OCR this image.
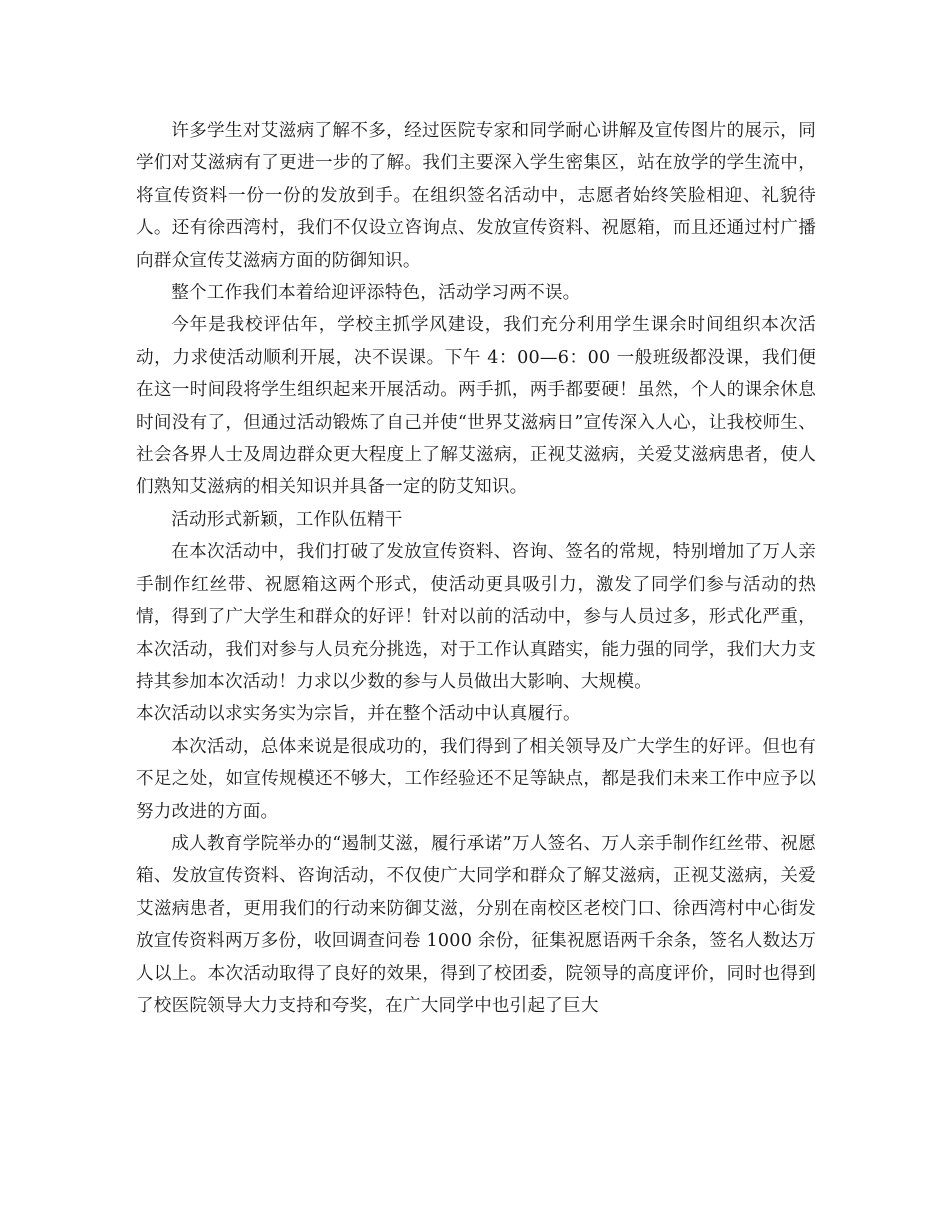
许多学生对艾滋病了解不多，经过医院专家和同学耐心讲解及宣传图片的展示，同学们对艾滋病有了更进一步的了解。我们主要深入学生密集区，站在放学的学生流中，将宣传资料一份一份的发放到手。在组织签名活动中，志愿者始终笑脸相迎、礼貌待人。还有徐西湾村，我们不仅设立咨询点、发放宣传资料、祝愿箱，而且还通过村广播向群众宣传艾滋病方面的防御知识。

整个工作我们本着给迎评添特色，活动学习两不误。

今年是我校评估年，学校主抓学风建设，我们充分利用学生课余时间组织本次活动，力求使活动顺利开展，决不误课。下午 4：00—6：00 一般班级都没课，我们便在这一时间段将学生组织起来开展活动。两手抓，两手都要硬！虽然，个人的课余休息时间没有了，但通过活动锻炼了自己并使“世界艾滋病日”宣传深入人心，让我校师生、社会各界人士及周边群众更大程度上了解艾滋病，正视艾滋病，关爱艾滋病患者，使人们熟知艾滋病的相关知识并具备一定的防艾知识。

活动形式新颖，工作队伍精干

在本次活动中，我们打破了发放宣传资料、咨询、签名的常规，特别增加了万人亲手制作红丝带、祝愿箱这两个形式，使活动更具吸引力，激发了同学们参与活动的热情，得到了广大学生和群众的好评！针对以前的活动中，参与人员过多，形式化严重，本次活动，我们对参与人员充分挑选，对于工作认真踏实，能力强的同学，我们大力支持其参加本次活动！力求以少数的参与人员做出大影响、大规模。

本次活动以求实务实为宗旨，并在整个活动中认真履行。

本次活动，总体来说是很成功的，我们得到了相关领导及广大学生的好评。但也有不足之处，如宣传规模还不够大，工作经验还不足等缺点，都是我们未来工作中应予以努力改进的方面。

成人教育学院举办的“遏制艾滋，履行承诺”万人签名、万人亲手制作红丝带、祝愿箱、发放宣传资料、咨询活动，不仅使广大同学和群众了解艾滋病，正视艾滋病，关爱艾滋病患者，更用我们的行动来防御艾滋，分别在南校区老校门口、徐西湾村中心街发放宣传资料两万多份，收回调查问卷 1000 余份，征集祝愿语两千余条，签名人数达万人以上。本次活动取得了良好的效果，得到了校团委，院领导的高度评价，同时也得到了校医院领导大力支持和夸奖，在广大同学中也引起了巨大
